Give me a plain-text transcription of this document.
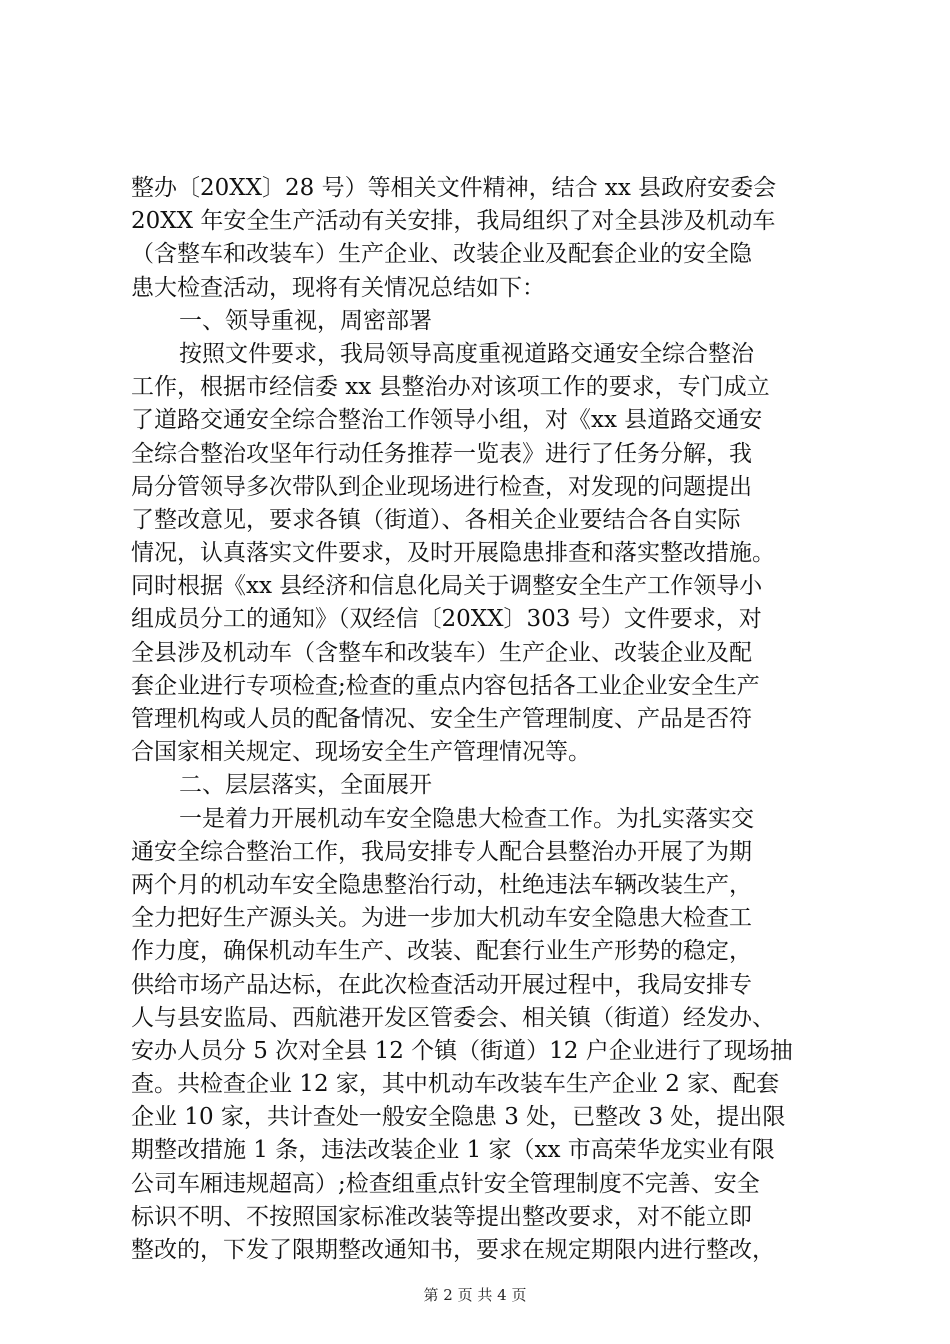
整办〔20XX〕28 号）等相关文件精神，结合 xx 县政府安委会
20XX 年安全生产活动有关安排，我局组织了对全县涉及机动车
（含整车和改装车）生产企业、改装企业及配套企业的安全隐
患大检查活动，现将有关情况总结如下：
一、领导重视，周密部署
按照文件要求，我局领导高度重视道路交通安全综合整治
工作，根据市经信委 xx 县整治办对该项工作的要求，专门成立
了道路交通安全综合整治工作领导小组，对《xx 县道路交通安
全综合整治攻坚年行动任务推荐一览表》进行了任务分解，我
局分管领导多次带队到企业现场进行检查，对发现的问题提出
了整改意见，要求各镇（街道）、各相关企业要结合各自实际
情况，认真落实文件要求，及时开展隐患排查和落实整改措施。
同时根据《xx 县经济和信息化局关于调整安全生产工作领导小
组成员分工的通知》（双经信〔20XX〕303 号）文件要求，对
全县涉及机动车（含整车和改装车）生产企业、改装企业及配
套企业进行专项检查;检查的重点内容包括各工业企业安全生产
管理机构或人员的配备情况、安全生产管理制度、产品是否符
合国家相关规定、现场安全生产管理情况等。
二、层层落实，全面展开
一是着力开展机动车安全隐患大检查工作。为扎实落实交
通安全综合整治工作，我局安排专人配合县整治办开展了为期
两个月的机动车安全隐患整治行动，杜绝违法车辆改装生产，
全力把好生产源头关。为进一步加大机动车安全隐患大检查工
作力度，确保机动车生产、改装、配套行业生产形势的稳定，
供给市场产品达标，在此次检查活动开展过程中，我局安排专
人与县安监局、西航港开发区管委会、相关镇（街道）经发办、
安办人员分 5 次对全县 12 个镇（街道）12 户企业进行了现场抽
查。共检查企业 12 家，其中机动车改装车生产企业 2 家、配套
企业 10 家，共计查处一般安全隐患 3 处，已整改 3 处，提出限
期整改措施 1 条，违法改装企业 1 家（xx 市高荣华龙实业有限
公司车厢违规超高）;检查组重点针安全管理制度不完善、安全
标识不明、不按照国家标准改装等提出整改要求，对不能立即
整改的，下发了限期整改通知书，要求在规定期限内进行整改，
第 2 页 共 4 页
